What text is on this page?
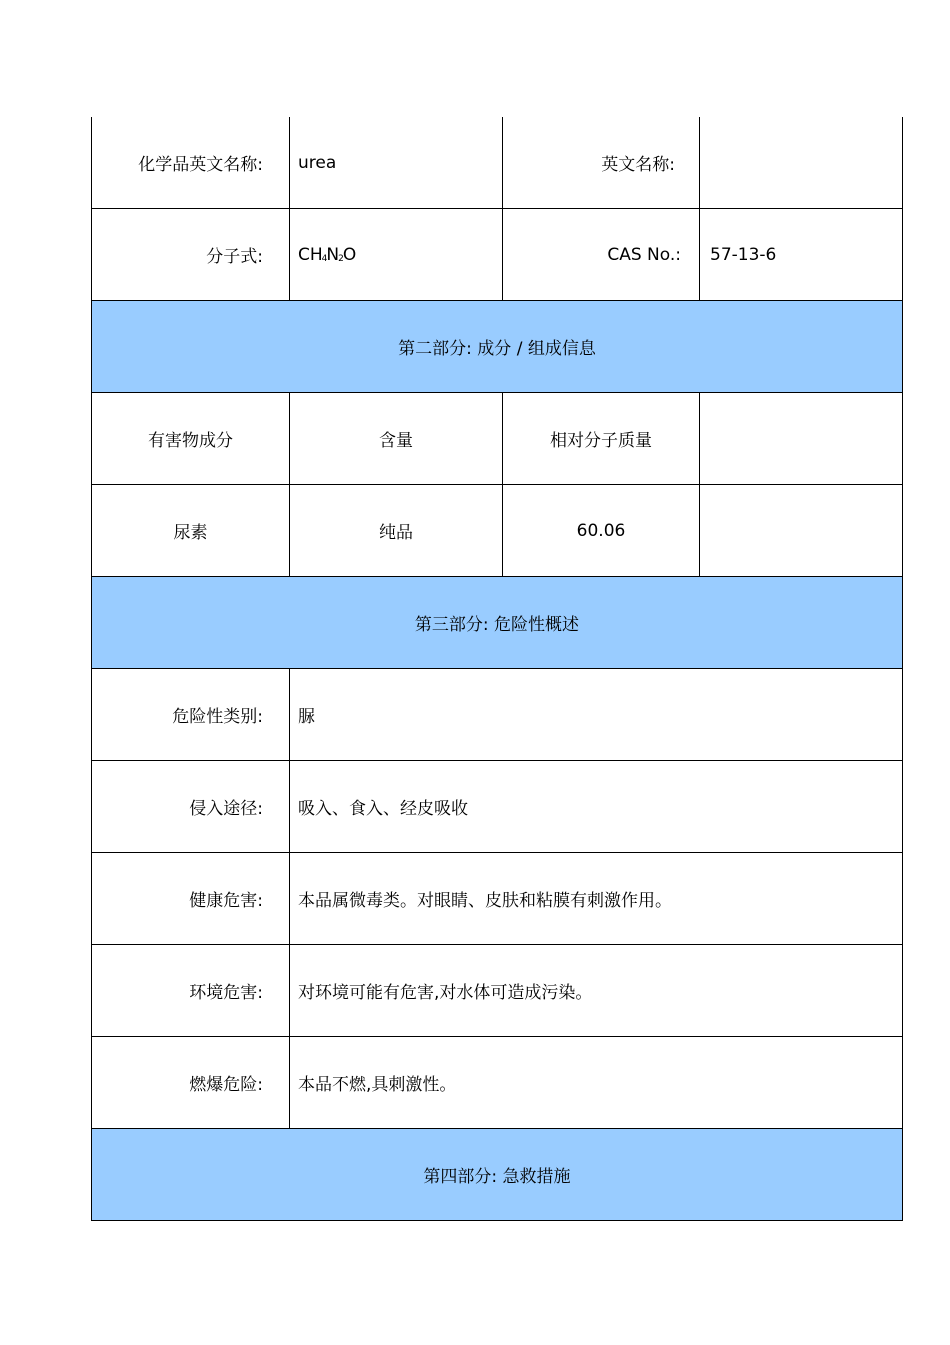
化学品英文名称:	urea	英文名称:
分子式:	CH 4 N 2 O	CAS No.:	57-13-6
第二部分: 成分 / 组成信息
有害物成分	含量	相对分子质量
尿素	纯品	60.06
第三部分: 危险性概述
危险性类别:	脲
侵入途径:	吸入、食入、经皮吸收
健康危害:	本品属微毒类。对眼睛、皮肤和粘膜有刺激作用。
环境危害:	对环境可能有危害,对水体可造成污染。
燃爆危险:	本品不燃,具刺激性。
第四部分: 急救措施
